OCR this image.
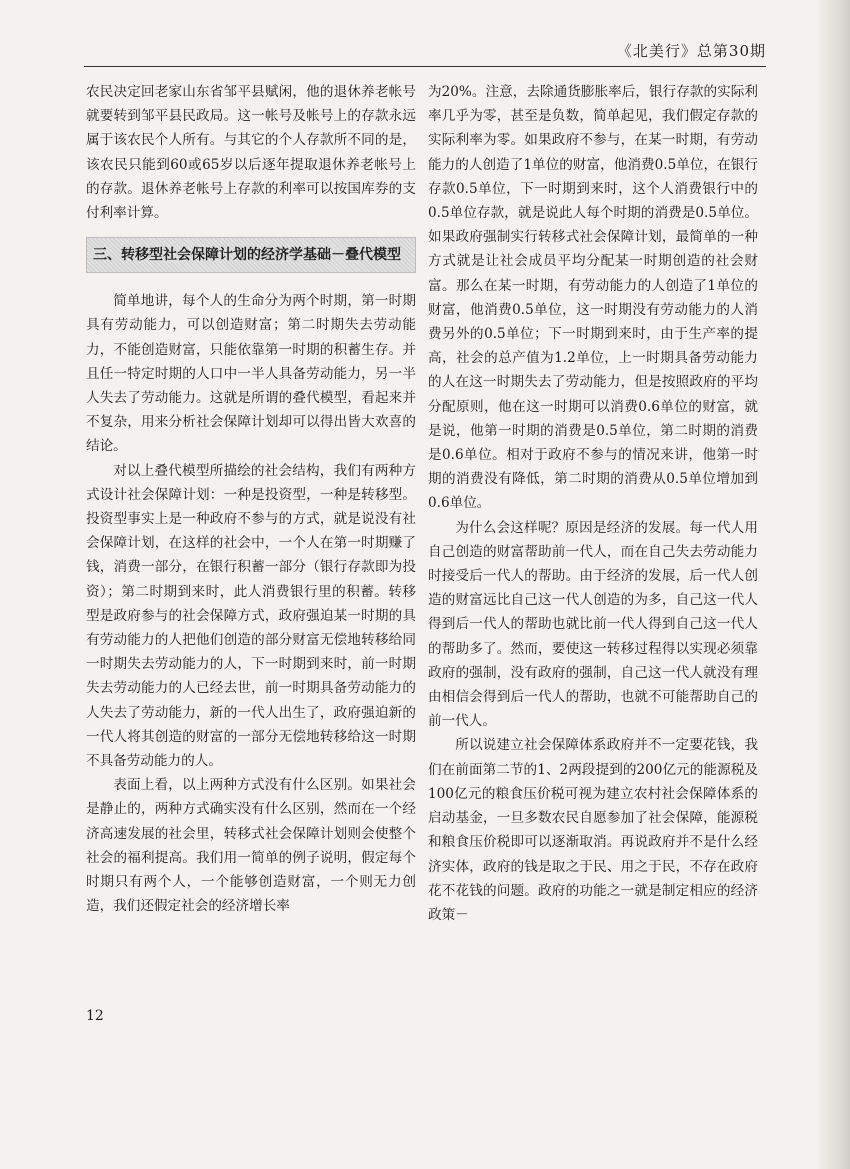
《北美行》总第30期

农民决定回老家山东省邹平县赋闲，他的退休养老帐号就要转到邹平县民政局。这一帐号及帐号上的存款永远属于该农民个人所有。与其它的个人存款所不同的是，该农民只能到60或65岁以后逐年提取退休养老帐号上的存款。退休养老帐号上存款的利率可以按国库券的支付利率计算。

三、转移型社会保障计划的经济学基础－叠代模型

简单地讲，每个人的生命分为两个时期，第一时期具有劳动能力，可以创造财富；第二时期失去劳动能力，不能创造财富，只能依靠第一时期的积蓄生存。并且任一特定时期的人口中一半人具备劳动能力，另一半人失去了劳动能力。这就是所谓的叠代模型，看起来并不复杂，用来分析社会保障计划却可以得出皆大欢喜的结论。

对以上叠代模型所描绘的社会结构，我们有两种方式设计社会保障计划：一种是投资型，一种是转移型。投资型事实上是一种政府不参与的方式，就是说没有社会保障计划，在这样的社会中，一个人在第一时期赚了钱，消费一部分，在银行积蓄一部分（银行存款即为投资）；第二时期到来时，此人消费银行里的积蓄。转移型是政府参与的社会保障方式，政府强迫某一时期的具有劳动能力的人把他们创造的部分财富无偿地转移给同一时期失去劳动能力的人，下一时期到来时，前一时期失去劳动能力的人已经去世，前一时期具备劳动能力的人失去了劳动能力，新的一代人出生了，政府强迫新的一代人将其创造的财富的一部分无偿地转移给这一时期不具备劳动能力的人。

表面上看，以上两种方式没有什么区别。如果社会是静止的，两种方式确实没有什么区别，然而在一个经济高速发展的社会里，转移式社会保障计划则会使整个社会的福利提高。我们用一简单的例子说明，假定每个时期只有两个人，一个能够创造财富，一个则无力创造，我们还假定社会的经济增长率

为20%。注意，去除通货膨胀率后，银行存款的实际利率几乎为零，甚至是负数，简单起见，我们假定存款的实际利率为零。如果政府不参与，在某一时期，有劳动能力的人创造了1单位的财富，他消费0.5单位，在银行存款0.5单位，下一时期到来时，这个人消费银行中的0.5单位存款，就是说此人每个时期的消费是0.5单位。如果政府强制实行转移式社会保障计划，最简单的一种方式就是让社会成员平均分配某一时期创造的社会财富。那么在某一时期，有劳动能力的人创造了1单位的财富，他消费0.5单位，这一时期没有劳动能力的人消费另外的0.5单位；下一时期到来时，由于生产率的提高，社会的总产值为1.2单位，上一时期具备劳动能力的人在这一时期失去了劳动能力，但是按照政府的平均分配原则，他在这一时期可以消费0.6单位的财富，就是说，他第一时期的消费是0.5单位，第二时期的消费是0.6单位。相对于政府不参与的情况来讲，他第一时期的消费没有降低，第二时期的消费从0.5单位增加到0.6单位。

为什么会这样呢？原因是经济的发展。每一代人用自己创造的财富帮助前一代人，而在自己失去劳动能力时接受后一代人的帮助。由于经济的发展，后一代人创造的财富远比自己这一代人创造的为多，自己这一代人得到后一代人的帮助也就比前一代人得到自己这一代人的帮助多了。然而，要使这一转移过程得以实现必须靠政府的强制，没有政府的强制，自己这一代人就没有理由相信会得到后一代人的帮助，也就不可能帮助自己的前一代人。

所以说建立社会保障体系政府并不一定要花钱，我们在前面第二节的1、2两段提到的200亿元的能源税及100亿元的粮食压价税可视为建立农村社会保障体系的启动基金，一旦多数农民自愿参加了社会保障，能源税和粮食压价税即可以逐渐取消。再说政府并不是什么经济实体，政府的钱是取之于民、用之于民，不存在政府花不花钱的问题。政府的功能之一就是制定相应的经济政策－

12
